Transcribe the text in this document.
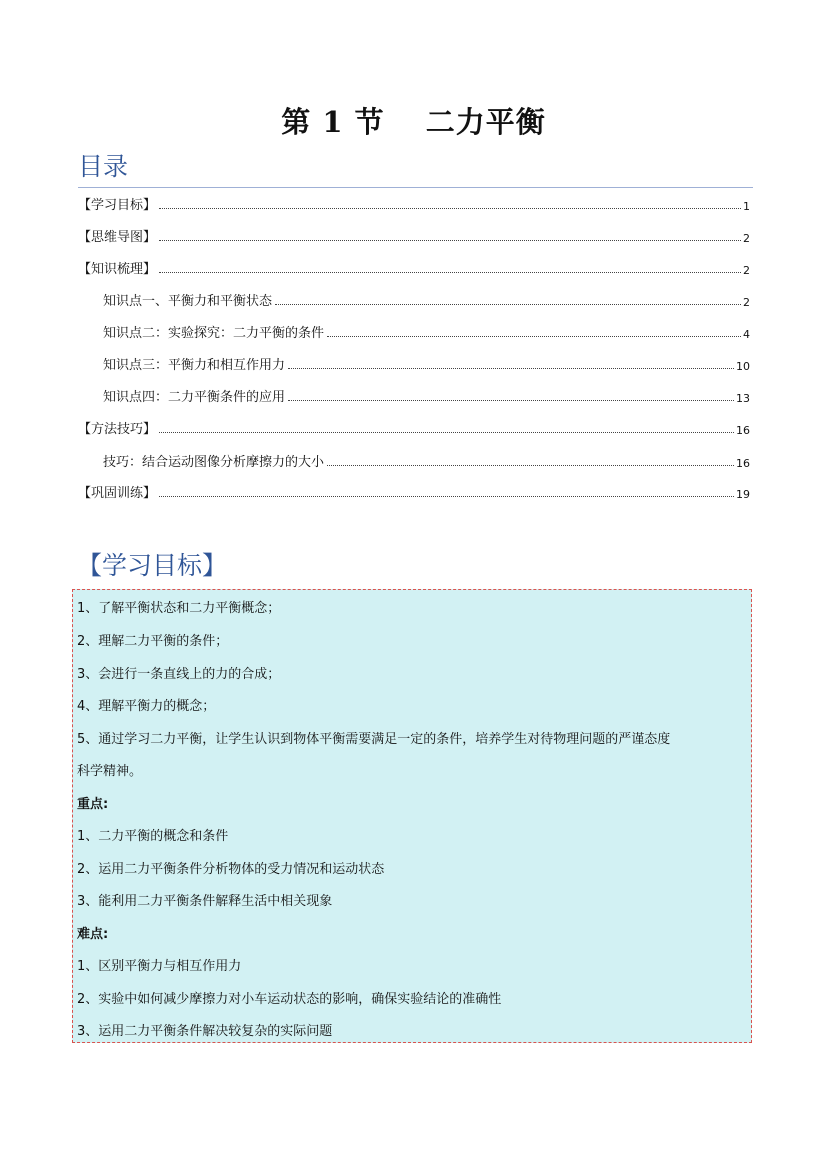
第 1 节　 二力平衡
目录
【学习目标】	1
【思维导图】	2
【知识梳理】	2
知识点一、平衡力和平衡状态	2
知识点二：实验探究：二力平衡的条件	4
知识点三：平衡力和相互作用力	10
知识点四：二力平衡条件的应用	13
【方法技巧】	16
技巧：结合运动图像分析摩擦力的大小	16
【巩固训练】	19
【学习目标】
1、了解平衡状态和二力平衡概念；
2、理解二力平衡的条件；
3、会进行一条直线上的力的合成；
4、理解平衡力的概念；
5、通过学习二力平衡，让学生认识到物体平衡需要满足一定的条件，培养学生对待物理问题的严谨态度
科学精神。
重点:
1、二力平衡的概念和条件
2、运用二力平衡条件分析物体的受力情况和运动状态
3、能利用二力平衡条件解释生活中相关现象
难点:
1、区别平衡力与相互作用力
2、实验中如何减少摩擦力对小车运动状态的影响，确保实验结论的准确性
3、运用二力平衡条件解决较复杂的实际问题
